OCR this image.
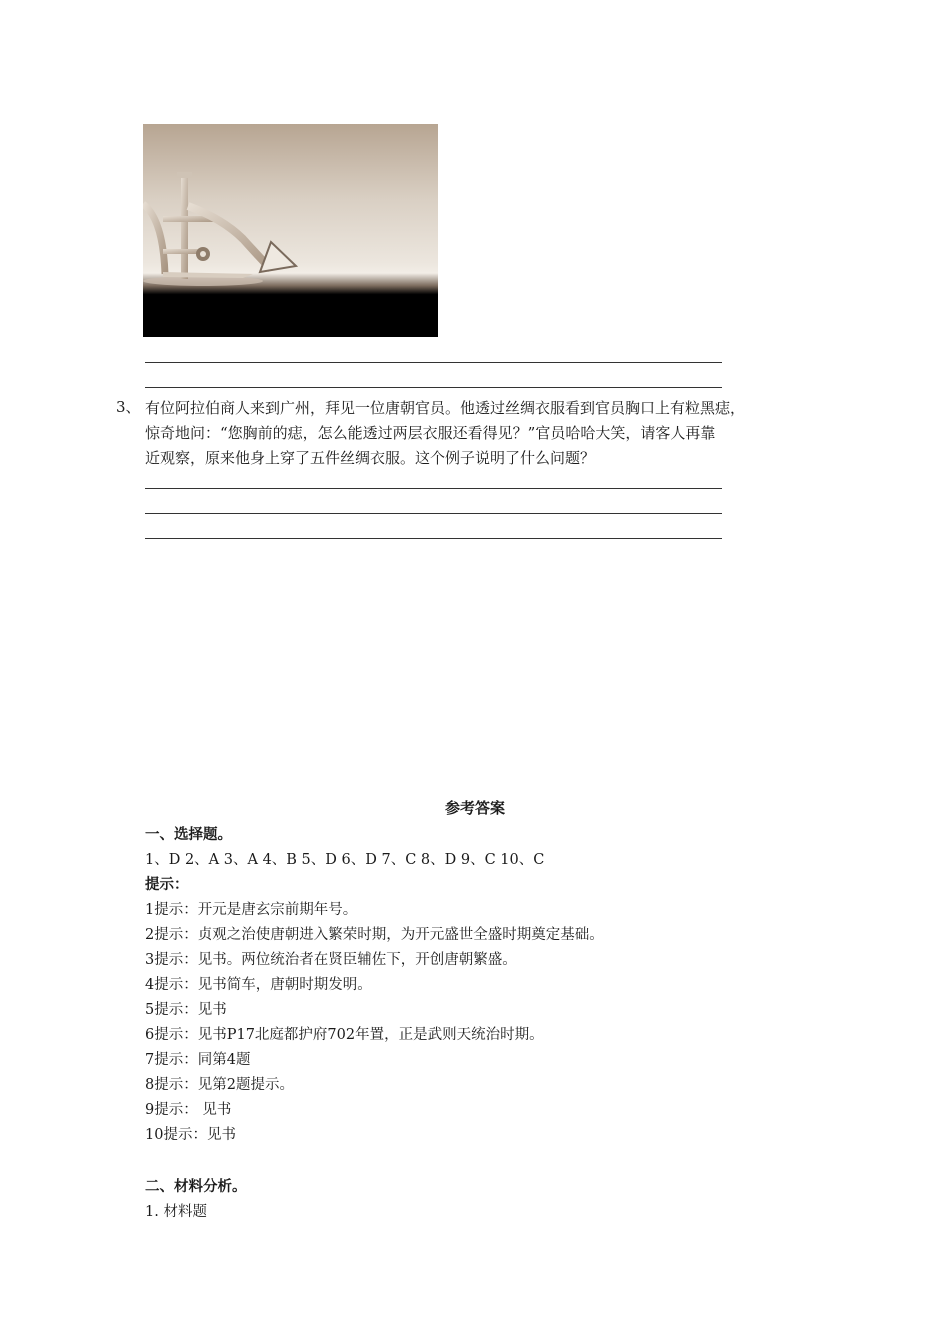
3、 有位阿拉伯商人来到广州，拜见一位唐朝官员。他透过丝绸衣服看到官员胸口上有粒黑痣，
惊奇地问：“您胸前的痣，怎么能透过两层衣服还看得见？”官员哈哈大笑，请客人再靠
近观察，原来他身上穿了五件丝绸衣服。这个例子说明了什么问题？
参考答案
一、选择题。
1、D 2、A 3、A 4、B 5、D 6、D 7、C 8、D 9、C 10、C
提示：
1提示：开元是唐玄宗前期年号。
2提示：贞观之治使唐朝进入繁荣时期，为开元盛世全盛时期奠定基础。
3提示：见书。两位统治者在贤臣辅佐下，开创唐朝繁盛。
4提示：见书简车，唐朝时期发明。
5提示：见书
6提示：见书P17北庭都护府702年置，正是武则天统治时期。
7提示：同第4题
8提示：见第2题提示。
9提示： 见书
10提示：见书
二、材料分析。
1. 材料题
